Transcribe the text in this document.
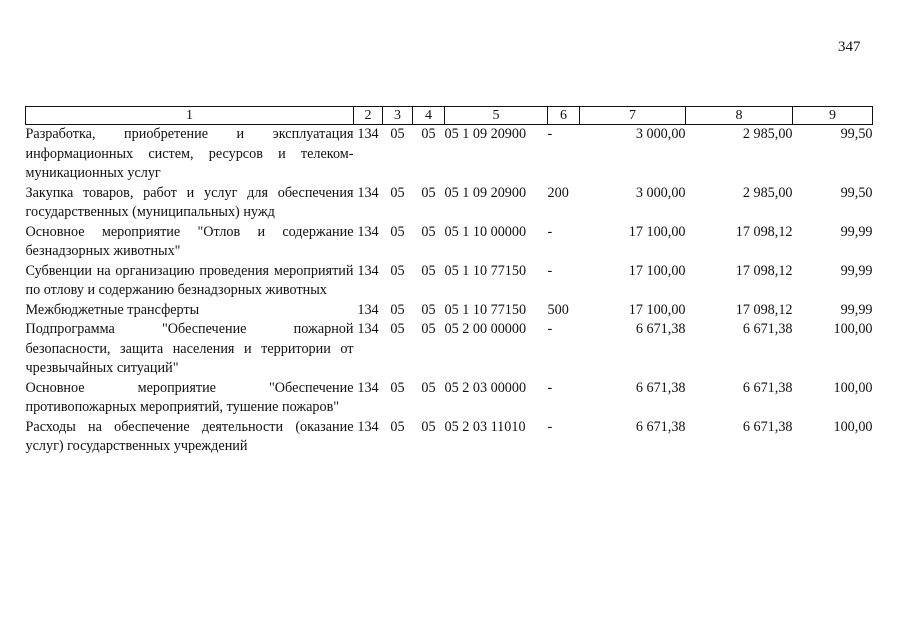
347
1	2	3	4	5	6	7	8	9
Разработка, приобретение и эксплуатация информационных систем, ресурсов и телеком-муникационных услуг	134	05	05	05 1 09 20900	-	3 000,00	2 985,00	99,50
Закупка товаров, работ и услуг для обеспечения государственных (муниципальных) нужд	134	05	05	05 1 09 20900	200	3 000,00	2 985,00	99,50
Основное мероприятие "Отлов и содержание безнадзорных животных"	134	05	05	05 1 10 00000	-	17 100,00	17 098,12	99,99
Субвенции на организацию проведения мероприятий по отлову и содержанию безнадзорных животных	134	05	05	05 1 10 77150	-	17 100,00	17 098,12	99,99
Межбюджетные трансферты	134	05	05	05 1 10 77150	500	17 100,00	17 098,12	99,99
Подпрограмма "Обеспечение пожарной безопасности, защита населения и территории от чрезвычайных ситуаций"	134	05	05	05 2 00 00000	-	6 671,38	6 671,38	100,00
Основное мероприятие "Обеспечение противопожарных мероприятий, тушение пожаров"	134	05	05	05 2 03 00000	-	6 671,38	6 671,38	100,00
Расходы на обеспечение деятельности (оказание услуг) государственных учреждений	134	05	05	05 2 03 11010	-	6 671,38	6 671,38	100,00
